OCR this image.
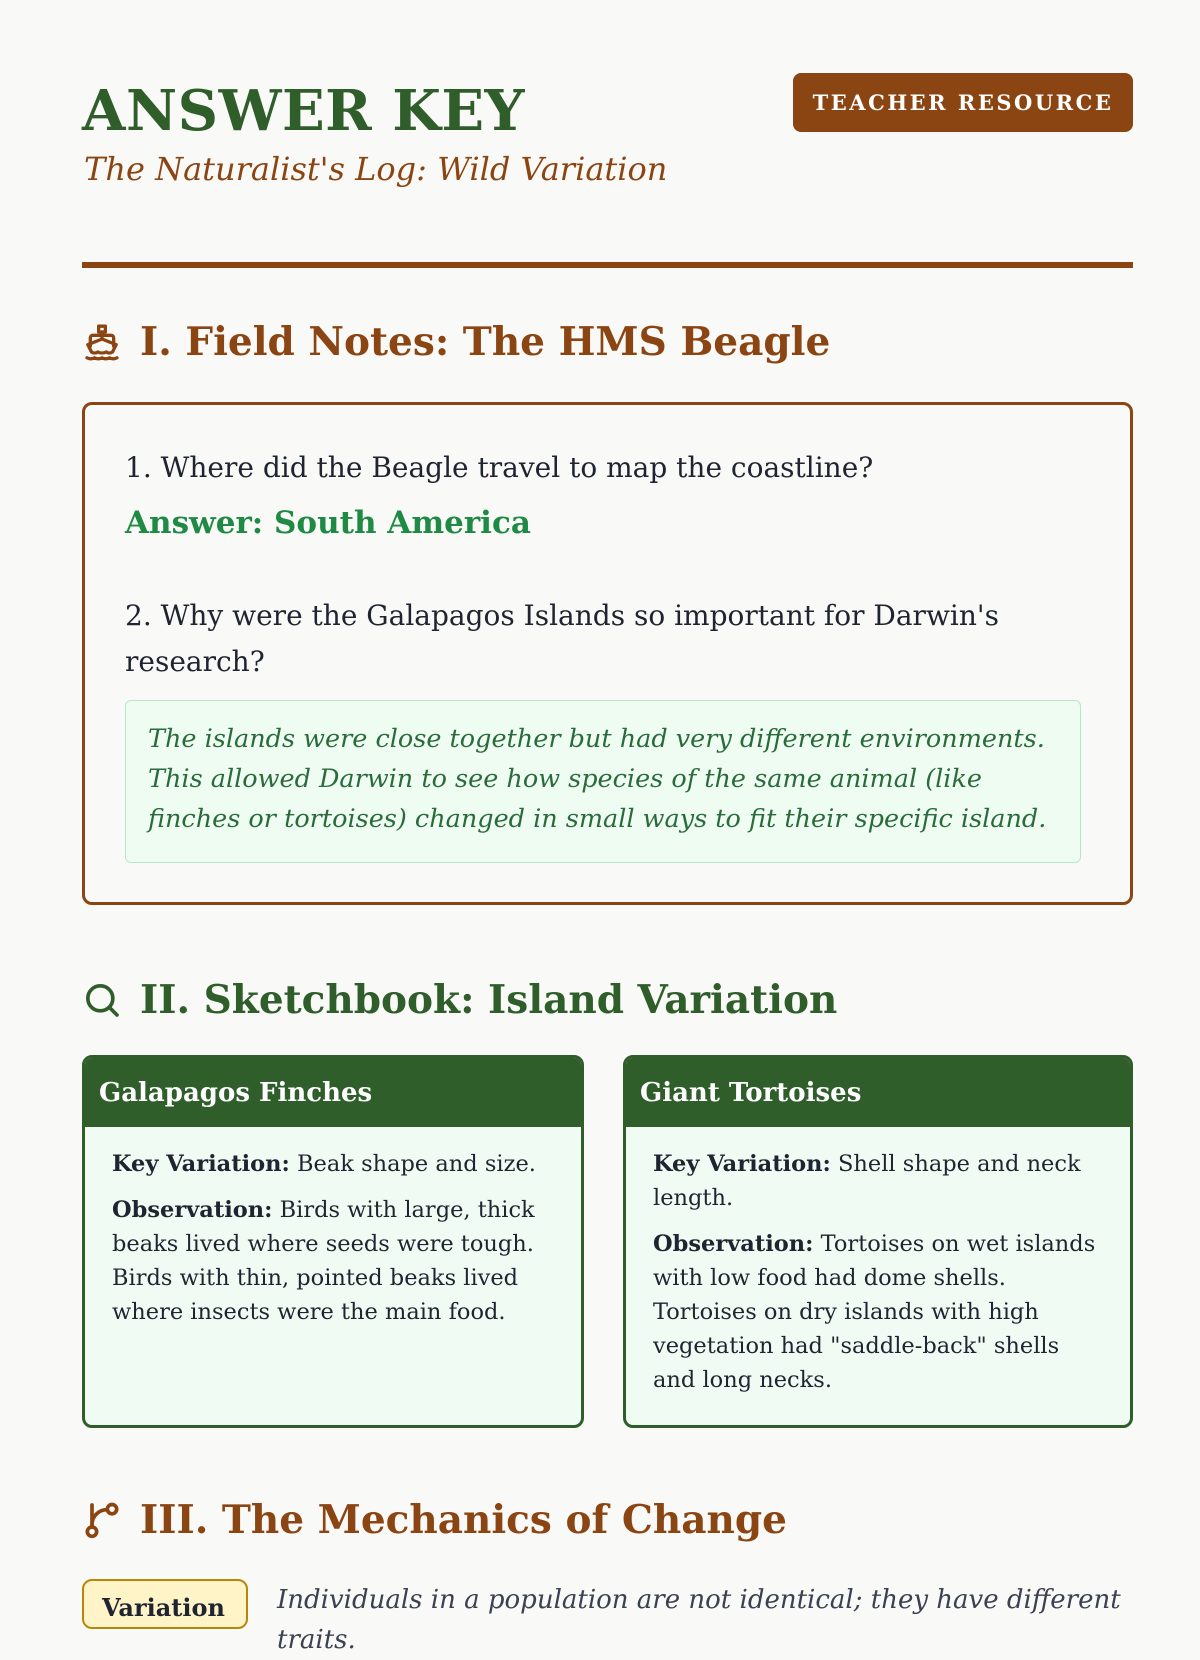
ANSWER KEY
The Naturalist's Log: Wild Variation
TEACHER RESOURCE
I. Field Notes: The HMS Beagle
1. Where did the Beagle travel to map the coastline?
Answer: South America
2. Why were the Galapagos Islands so important for Darwin's research?
The islands were close together but had very different environments. This allowed Darwin to see how species of the same animal (like finches or tortoises) changed in small ways to fit their specific island.
II. Sketchbook: Island Variation
Galapagos Finches

Key Variation: Beak shape and size.

Observation: Birds with large, thick beaks lived where seeds were tough. Birds with thin, pointed beaks lived where insects were the main food.

Giant Tortoises

Key Variation: Shell shape and neck length.

Observation: Tortoises on wet islands with low food had dome shells. Tortoises on dry islands with high vegetation had "saddle-back" shells and long necks.

III. The Mechanics of Change
Variation	Individuals in a population are not identical; they have different traits.
